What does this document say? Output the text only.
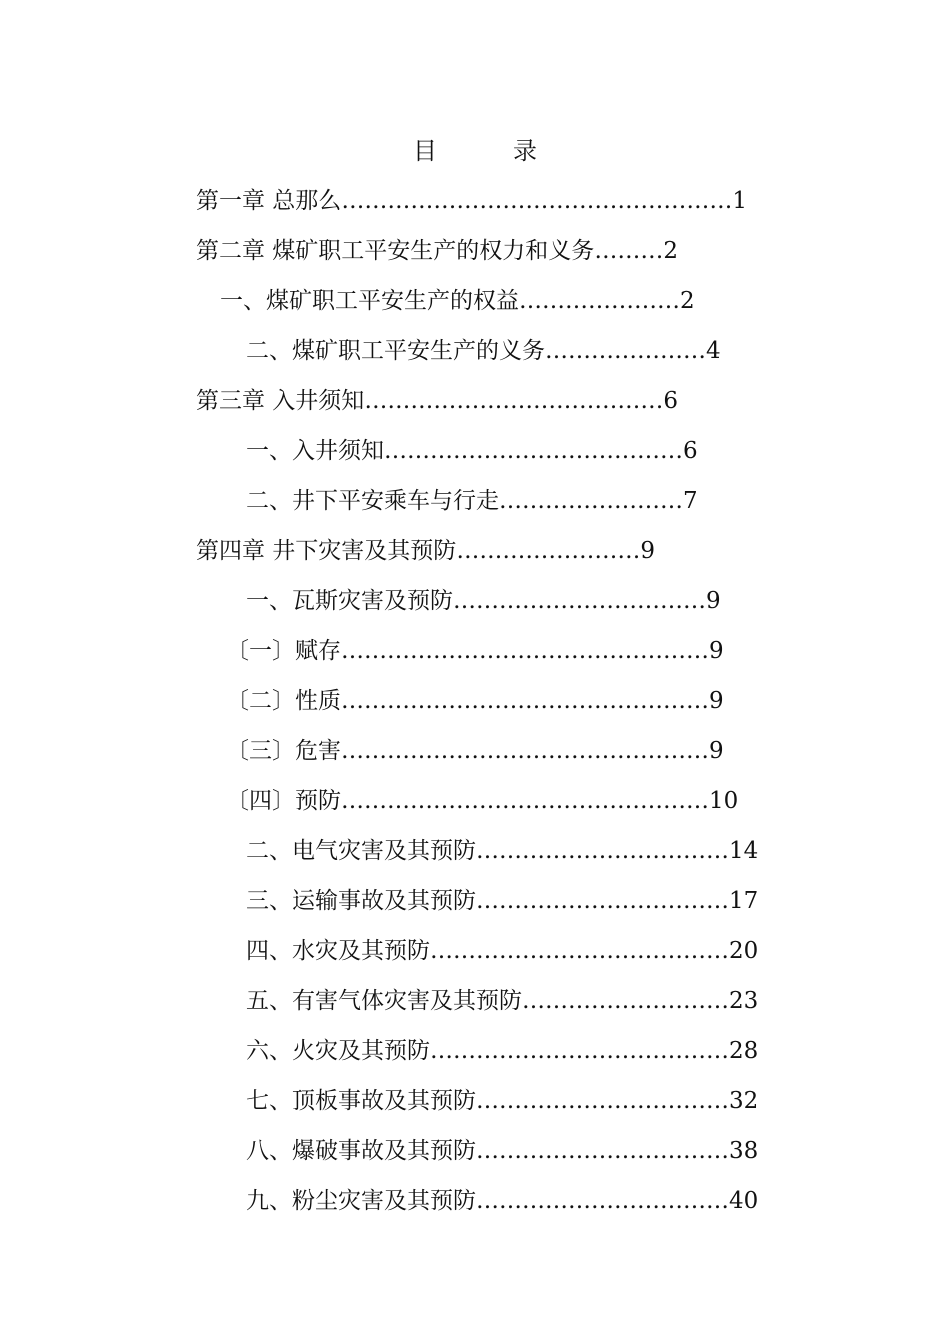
目	录
第一章 总那么……………………………………………1
第二章 煤矿职工平安生产的权力和义务………2
一、煤矿职工平安生产的权益…………………2
二、煤矿职工平安生产的义务…………………4
第三章 入井须知…………………………………6
一、入井须知…………………………………6
二、井下平安乘车与行走……………………7
第四章 井下灾害及其预防……………………9
一、瓦斯灾害及预防……………………………9
〔一〕赋存…………………………………………9
〔二〕性质…………………………………………9
〔三〕危害…………………………………………9
〔四〕预防…………………………………………10
二、电气灾害及其预防……………………………14
三、运输事故及其预防……………………………17
四、水灾及其预防…………………………………20
五、有害气体灾害及其预防………………………23
六、火灾及其预防…………………………………28
七、顶板事故及其预防……………………………32
八、爆破事故及其预防……………………………38
九、粉尘灾害及其预防……………………………40
